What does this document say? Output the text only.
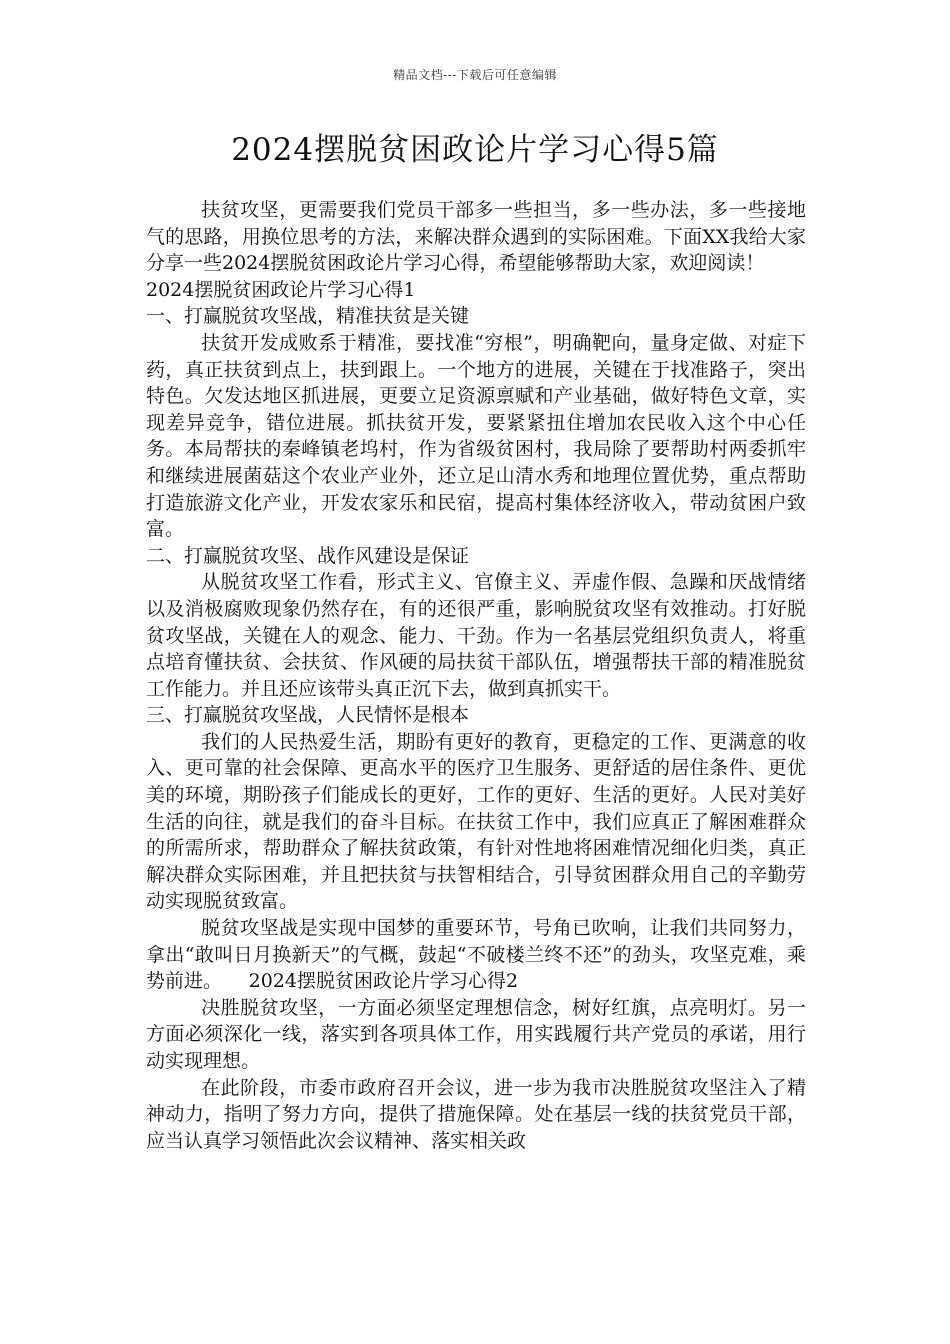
精品文档---下载后可任意编辑
2024摆脱贫困政论片学习心得5篇

扶贫攻坚，更需要我们党员干部多一些担当，多一些办法，多一些接地气的思路，用换位思考的方法，来解决群众遇到的实际困难。下面XX我给大家分享一些2024摆脱贫困政论片学习心得，希望能够帮助大家，欢迎阅读！

2024摆脱贫困政论片学习心得1

一、打赢脱贫攻坚战，精准扶贫是关键

扶贫开发成败系于精准，要找准“穷根”，明确靶向，量身定做、对症下药，真正扶贫到点上，扶到跟上。一个地方的进展，关键在于找准路子，突出特色。欠发达地区抓进展，更要立足资源禀赋和产业基础，做好特色文章，实现差异竞争，错位进展。抓扶贫开发，要紧紧扭住增加农民收入这个中心任务。本局帮扶的秦峰镇老坞村，作为省级贫困村，我局除了要帮助村两委抓牢和继续进展菌菇这个农业产业外，还立足山清水秀和地理位置优势，重点帮助打造旅游文化产业，开发农家乐和民宿，提高村集体经济收入，带动贫困户致富。

二、打赢脱贫攻坚、战作风建设是保证

从脱贫攻坚工作看，形式主义、官僚主义、弄虚作假、急躁和厌战情绪以及消极腐败现象仍然存在，有的还很严重，影响脱贫攻坚有效推动。打好脱贫攻坚战，关键在人的观念、能力、干劲。作为一名基层党组织负责人，将重点培育懂扶贫、会扶贫、作风硬的局扶贫干部队伍，增强帮扶干部的精准脱贫工作能力。并且还应该带头真正沉下去，做到真抓实干。

三、打赢脱贫攻坚战，人民情怀是根本

我们的人民热爱生活，期盼有更好的教育，更稳定的工作、更满意的收入、更可靠的社会保障、更高水平的医疗卫生服务、更舒适的居住条件、更优美的环境，期盼孩子们能成长的更好，工作的更好、生活的更好。人民对美好生活的向往，就是我们的奋斗目标。在扶贫工作中，我们应真正了解困难群众的所需所求，帮助群众了解扶贫政策，有针对性地将困难情况细化归类，真正解决群众实际困难，并且把扶贫与扶智相结合，引导贫困群众用自己的辛勤劳动实现脱贫致富。

脱贫攻坚战是实现中国梦的重要环节，号角已吹响，让我们共同努力，拿出“敢叫日月换新天”的气概，鼓起“不破楼兰终不还”的劲头，攻坚克难，乘势前进。 2024摆脱贫困政论片学习心得2

决胜脱贫攻坚，一方面必须坚定理想信念，树好红旗，点亮明灯。另一方面必须深化一线，落实到各项具体工作，用实践履行共产党员的承诺，用行动实现理想。

在此阶段，市委市政府召开会议，进一步为我市决胜脱贫攻坚注入了精神动力，指明了努力方向，提供了措施保障。处在基层一线的扶贫党员干部，应当认真学习领悟此次会议精神、落实相关政
